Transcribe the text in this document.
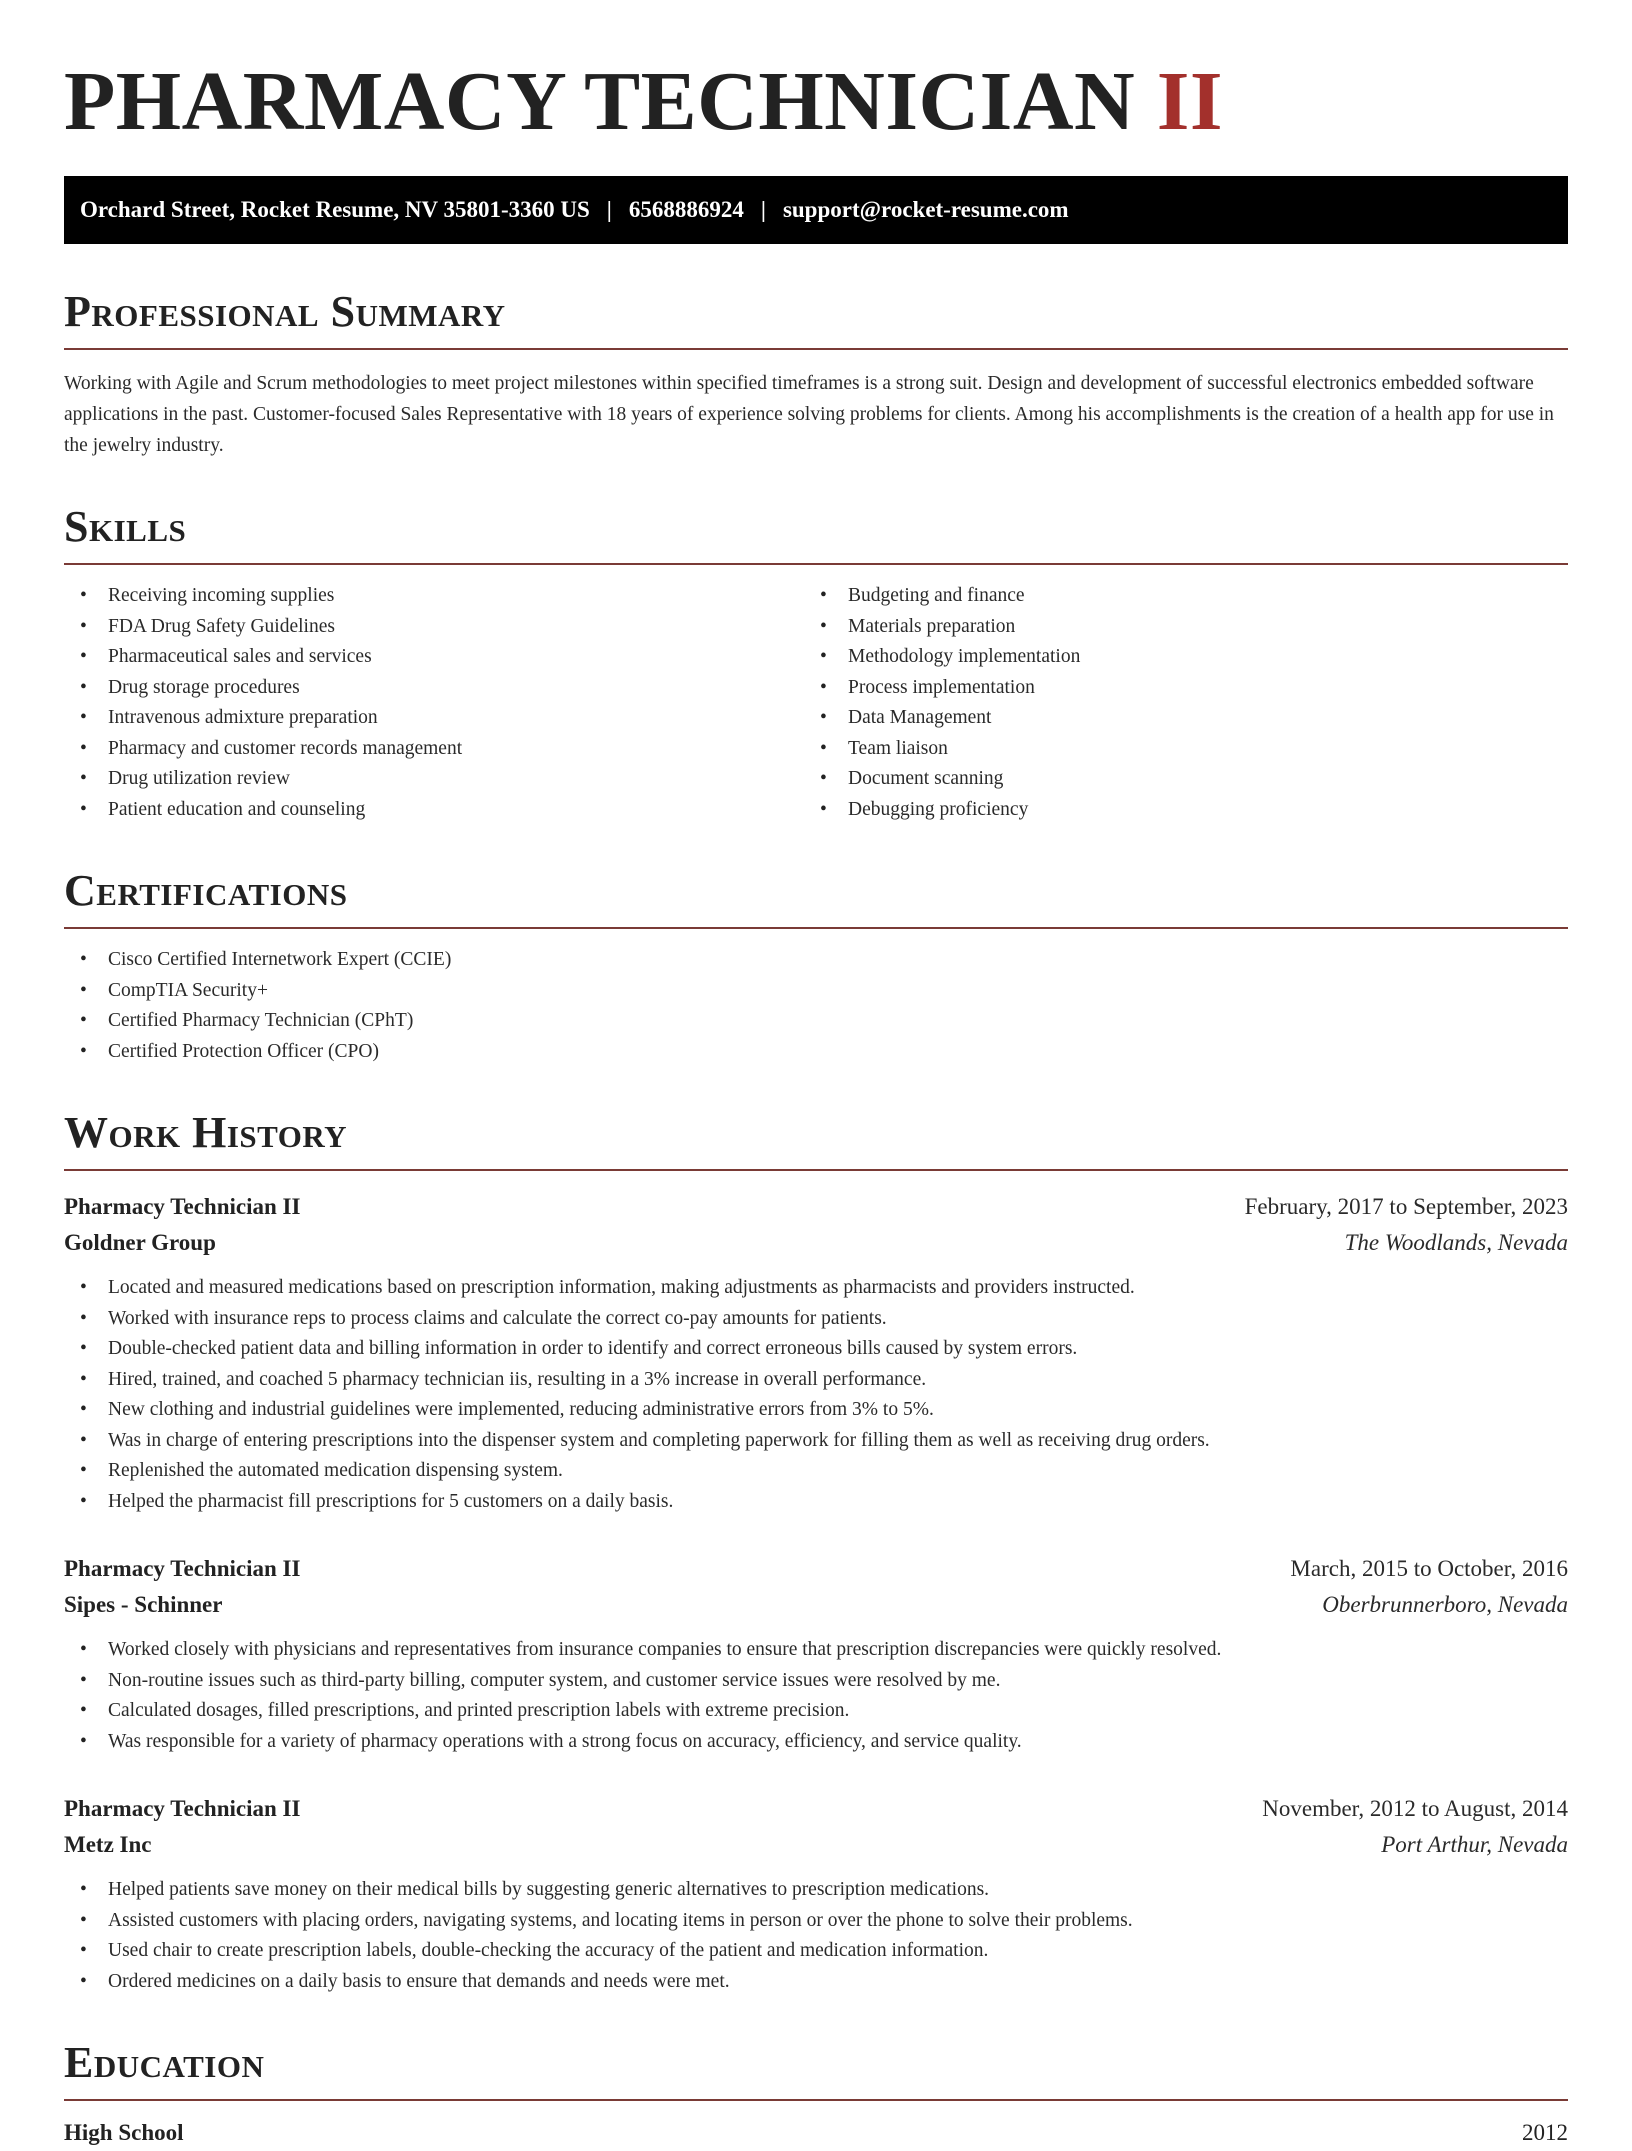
PHARMACY TECHNICIAN II
Orchard Street, Rocket Resume, NV 35801-3360 US | 6568886924 | support@rocket-resume.com
Professional Summary

Working with Agile and Scrum methodologies to meet project milestones within specified timeframes is a strong suit. Design and development of successful electronics embedded software applications in the past. Customer-focused Sales Representative with 18 years of experience solving problems for clients. Among his accomplishments is the creation of a health app for use in the jewelry industry.

Skills
• Receiving incoming supplies
• FDA Drug Safety Guidelines
• Pharmaceutical sales and services
• Drug storage procedures
• Intravenous admixture preparation
• Pharmacy and customer records management
• Drug utilization review
• Patient education and counseling
• Budgeting and finance
• Materials preparation
• Methodology implementation
• Process implementation
• Data Management
• Team liaison
• Document scanning
• Debugging proficiency
Certifications
• Cisco Certified Internetwork Expert (CCIE)
• CompTIA Security+
• Certified Pharmacy Technician (CPhT)
• Certified Protection Officer (CPO)
Work History
Pharmacy Technician II	February, 2017 to September, 2023
Goldner Group	The Woodlands, Nevada
• Located and measured medications based on prescription information, making adjustments as pharmacists and providers instructed.
• Worked with insurance reps to process claims and calculate the correct co-pay amounts for patients.
• Double-checked patient data and billing information in order to identify and correct erroneous bills caused by system errors.
• Hired, trained, and coached 5 pharmacy technician iis, resulting in a 3% increase in overall performance.
• New clothing and industrial guidelines were implemented, reducing administrative errors from 3% to 5%.
• Was in charge of entering prescriptions into the dispenser system and completing paperwork for filling them as well as receiving drug orders.
• Replenished the automated medication dispensing system.
• Helped the pharmacist fill prescriptions for 5 customers on a daily basis.
Pharmacy Technician II	March, 2015 to October, 2016
Sipes - Schinner	Oberbrunnerboro, Nevada
• Worked closely with physicians and representatives from insurance companies to ensure that prescription discrepancies were quickly resolved.
• Non-routine issues such as third-party billing, computer system, and customer service issues were resolved by me.
• Calculated dosages, filled prescriptions, and printed prescription labels with extreme precision.
• Was responsible for a variety of pharmacy operations with a strong focus on accuracy, efficiency, and service quality.
Pharmacy Technician II	November, 2012 to August, 2014
Metz Inc	Port Arthur, Nevada
• Helped patients save money on their medical bills by suggesting generic alternatives to prescription medications.
• Assisted customers with placing orders, navigating systems, and locating items in person or over the phone to solve their problems.
• Used chair to create prescription labels, double-checking the accuracy of the patient and medication information.
• Ordered medicines on a daily basis to ensure that demands and needs were met.
Education
High School	2012
